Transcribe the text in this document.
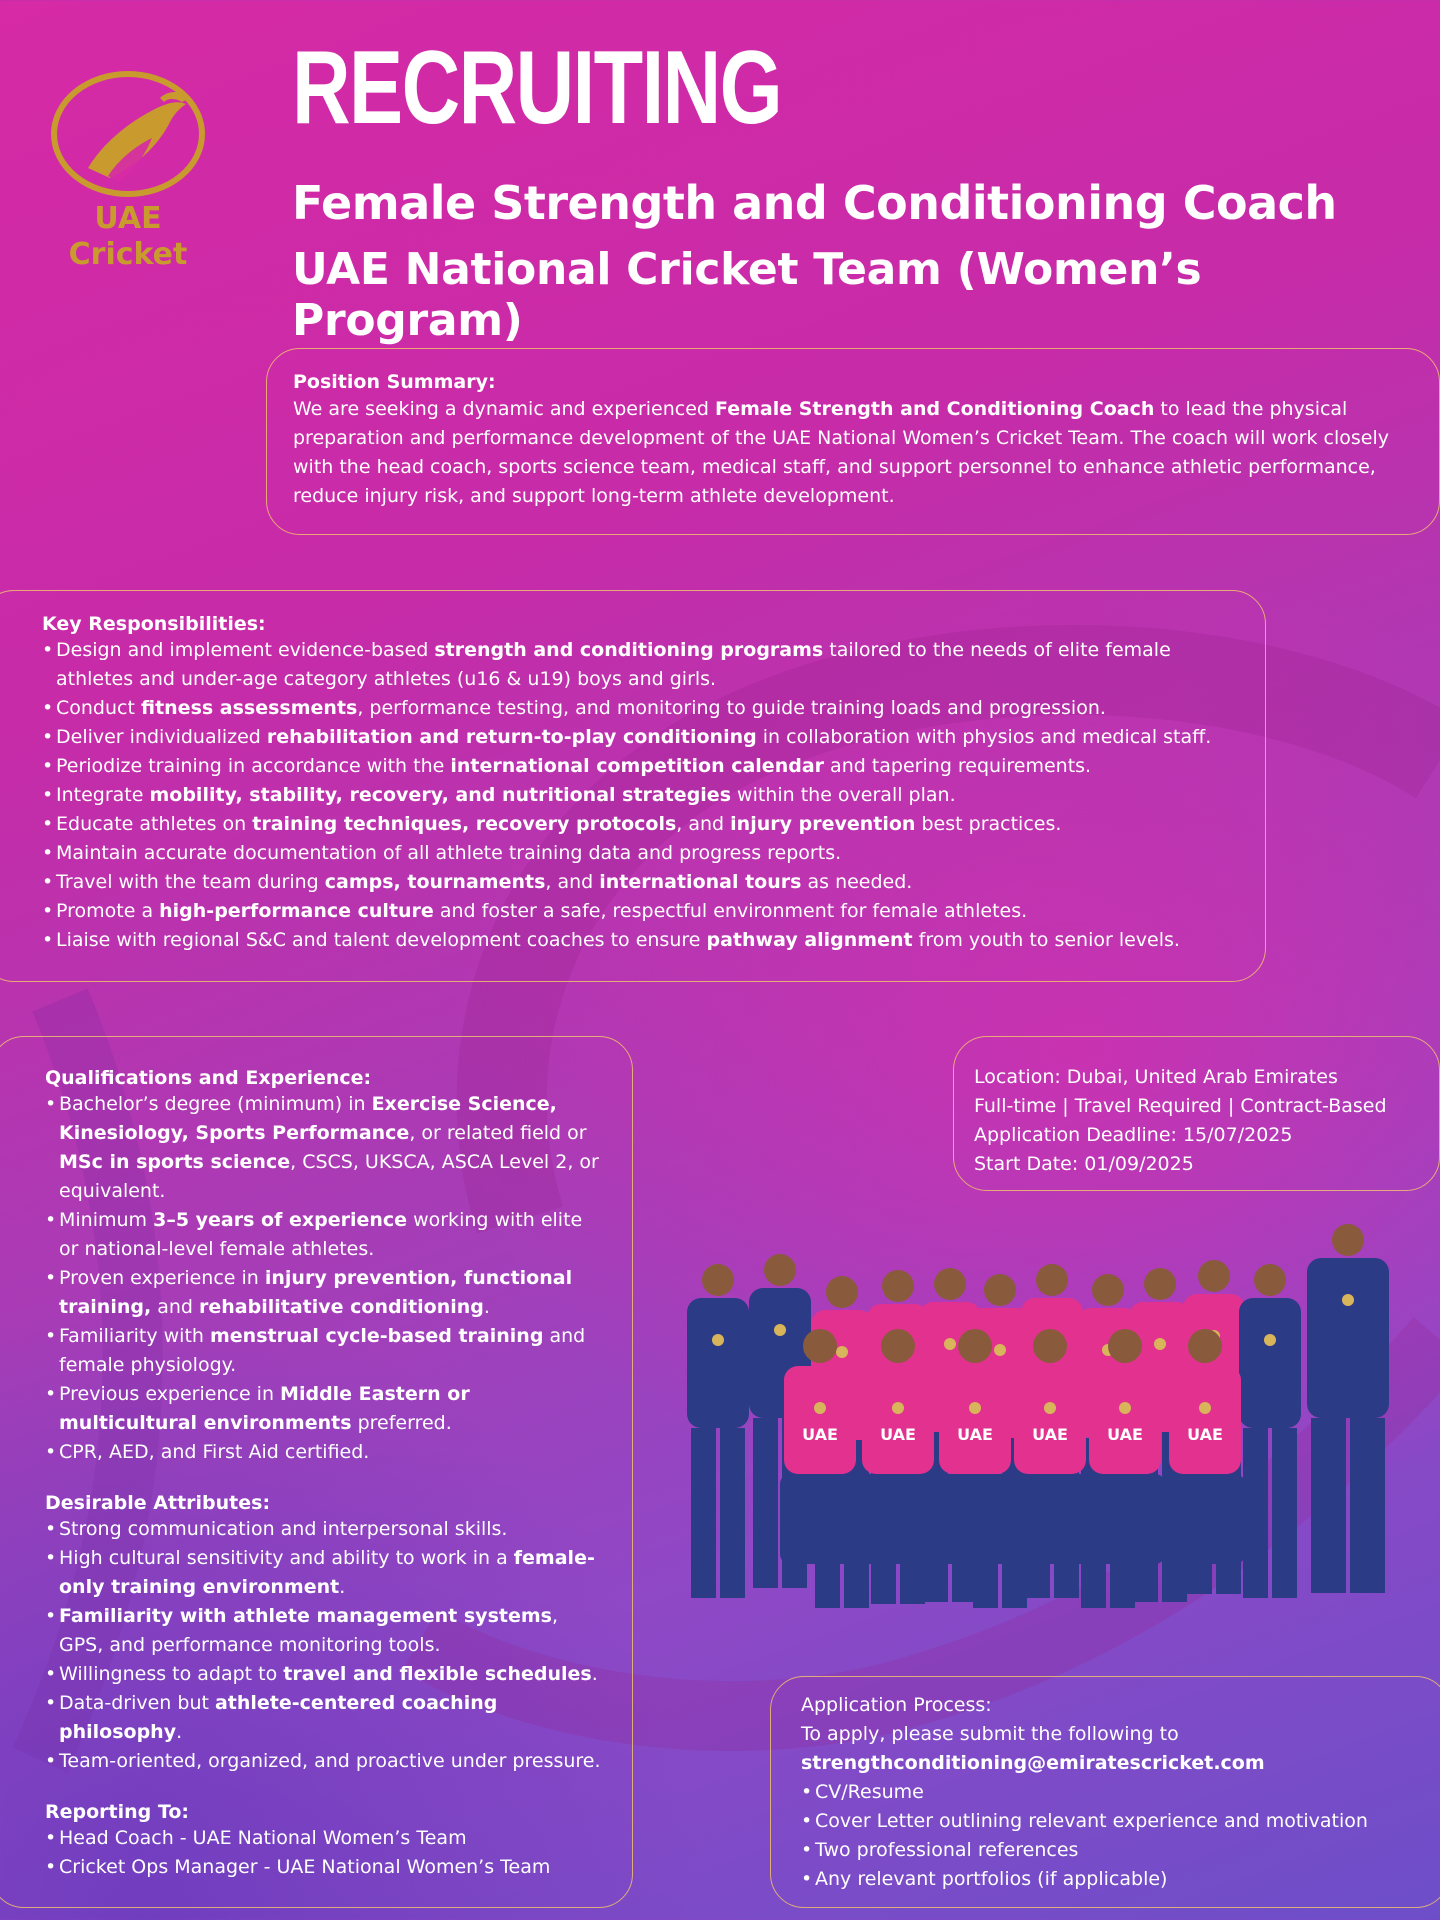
UAE
Cricket
RECRUITING
Female Strength and Conditioning Coach
UAE National Cricket Team (Women’s Program)
Position Summary:

We are seeking a dynamic and experienced Female Strength and Conditioning Coach to lead the physical preparation and performance development of the UAE National Women’s Cricket Team. The coach will work closely with the head coach, sports science team, medical staff, and support personnel to enhance athletic performance, reduce injury risk, and support long-term athlete development.

Key Responsibilities:
• Design and implement evidence-based strength and conditioning programs tailored to the needs of elite female athletes and under-age category athletes (u16 & u19) boys and girls.
• Conduct fitness assessments, performance testing, and monitoring to guide training loads and progression.
• Deliver individualized rehabilitation and return-to-play conditioning in collaboration with physios and medical staff.
• Periodize training in accordance with the international competition calendar and tapering requirements.
• Integrate mobility, stability, recovery, and nutritional strategies within the overall plan.
• Educate athletes on training techniques, recovery protocols, and injury prevention best practices.
• Maintain accurate documentation of all athlete training data and progress reports.
• Travel with the team during camps, tournaments, and international tours as needed.
• Promote a high-performance culture and foster a safe, respectful environment for female athletes.
• Liaise with regional S&C and talent development coaches to ensure pathway alignment from youth to senior levels.
Qualifications and Experience:
• Bachelor’s degree (minimum) in Exercise Science, Kinesiology, Sports Performance, or related field or MSc in sports science, CSCS, UKSCA, ASCA Level 2, or equivalent.
• Minimum 3–5 years of experience working with elite or national-level female athletes.
• Proven experience in injury prevention, functional training, and rehabilitative conditioning.
• Familiarity with menstrual cycle-based training and female physiology.
• Previous experience in Middle Eastern or multicultural environments preferred.
• CPR, AED, and First Aid certified.
Desirable Attributes:
• Strong communication and interpersonal skills.
• High cultural sensitivity and ability to work in a female-only training environment.
• Familiarity with athlete management systems, GPS, and performance monitoring tools.
• Willingness to adapt to travel and flexible schedules.
• Data-driven but athlete-centered coaching philosophy.
• Team-oriented, organized, and proactive under pressure.
Reporting To:
• Head Coach - UAE National Women’s Team
• Cricket Ops Manager - UAE National Women’s Team

Location: Dubai, United Arab Emirates

Full-time | Travel Required | Contract-Based

Application Deadline: 15/07/2025

Start Date: 01/09/2025

UAE	UAE	UAE UAE UAE	UAE

Application Process:

To apply, please submit the following to

strengthconditioning@emiratescricket.com

• CV/Resume
• Cover Letter outlining relevant experience and motivation
• Two professional references
• Any relevant portfolios (if applicable)
